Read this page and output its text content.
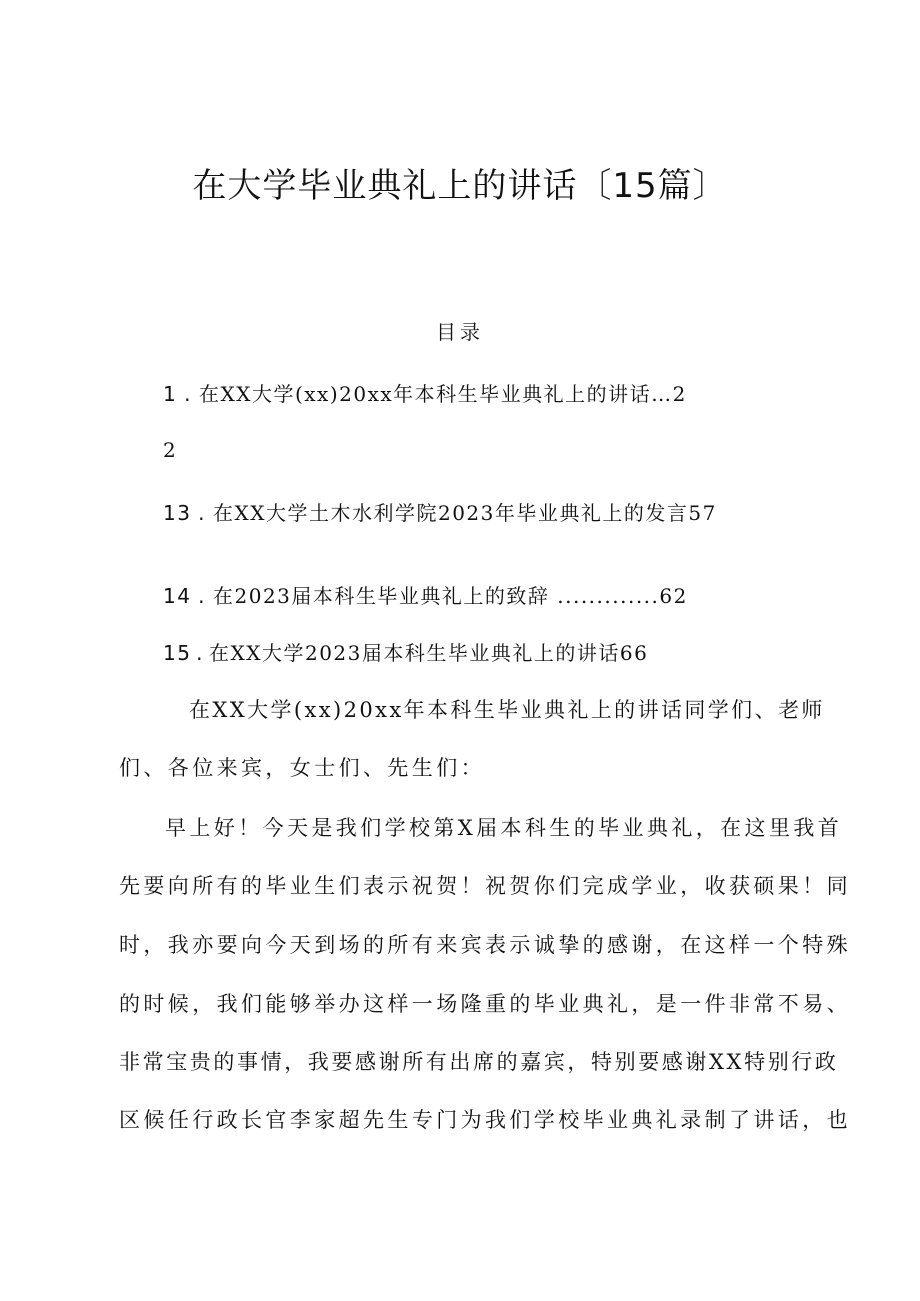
在大学毕业典礼上的讲话〔15篇〕
目录
1 . 在XX大学(xx)20xx年本科生毕业典礼上的讲话…2
2
13 . 在XX大学土木水利学院2023年毕业典礼上的发言57
14 . 在2023届本科生毕业典礼上的致辞 .............62
15 . 在XX大学2023届本科生毕业典礼上的讲话66
在XX大学(xx)20xx年本科生毕业典礼上的讲话同学们、老师
们、各位来宾，女士们、先生们：
早上好！今天是我们学校第X届本科生的毕业典礼，在这里我首
先要向所有的毕业生们表示祝贺！祝贺你们完成学业，收获硕果！同
时，我亦要向今天到场的所有来宾表示诚挚的感谢，在这样一个特殊
的时候，我们能够举办这样一场隆重的毕业典礼，是一件非常不易、
非常宝贵的事情，我要感谢所有出席的嘉宾，特别要感谢XX特别行政
区候任行政长官李家超先生专门为我们学校毕业典礼录制了讲话，也
